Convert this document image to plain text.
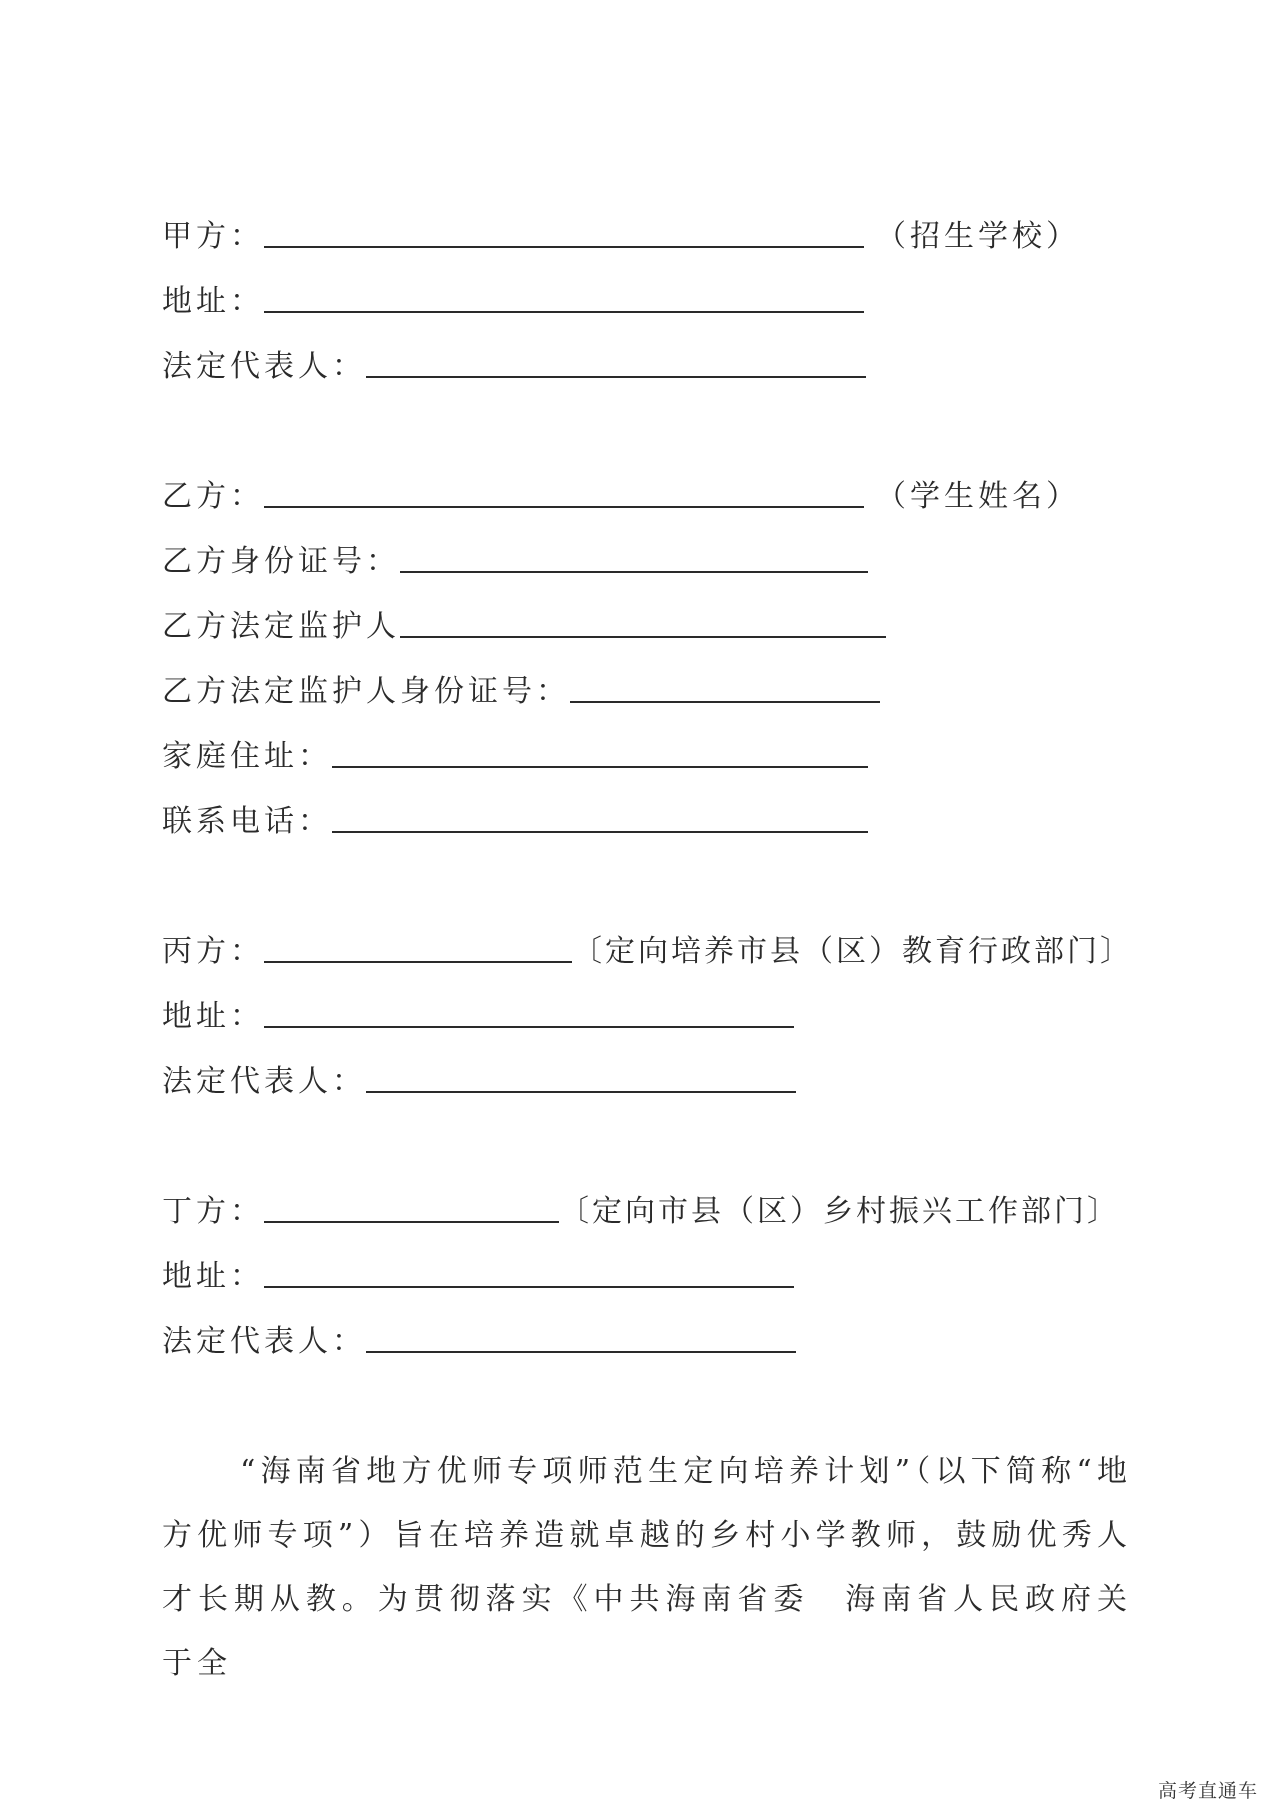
甲方：	（招生学校）
地址：
法定代表人：
乙方：	（学生姓名）
乙方身份证号：
乙方法定监护人
乙方法定监护人身份证号：
家庭住址：
联系电话：
丙方：	〔定向培养市县（区）教育行政部门〕
地址：
法定代表人：
丁方：	〔定向市县（区）乡村振兴工作部门〕
地址：
法定代表人：

“海南省地方优师专项师范生定向培养计划”（以下简称“地方优师专项”）旨在培养造就卓越的乡村小学教师，鼓励优秀人才长期从教。为贯彻落实《中共海南省委　海南省人民政府关于全

高考直通车
